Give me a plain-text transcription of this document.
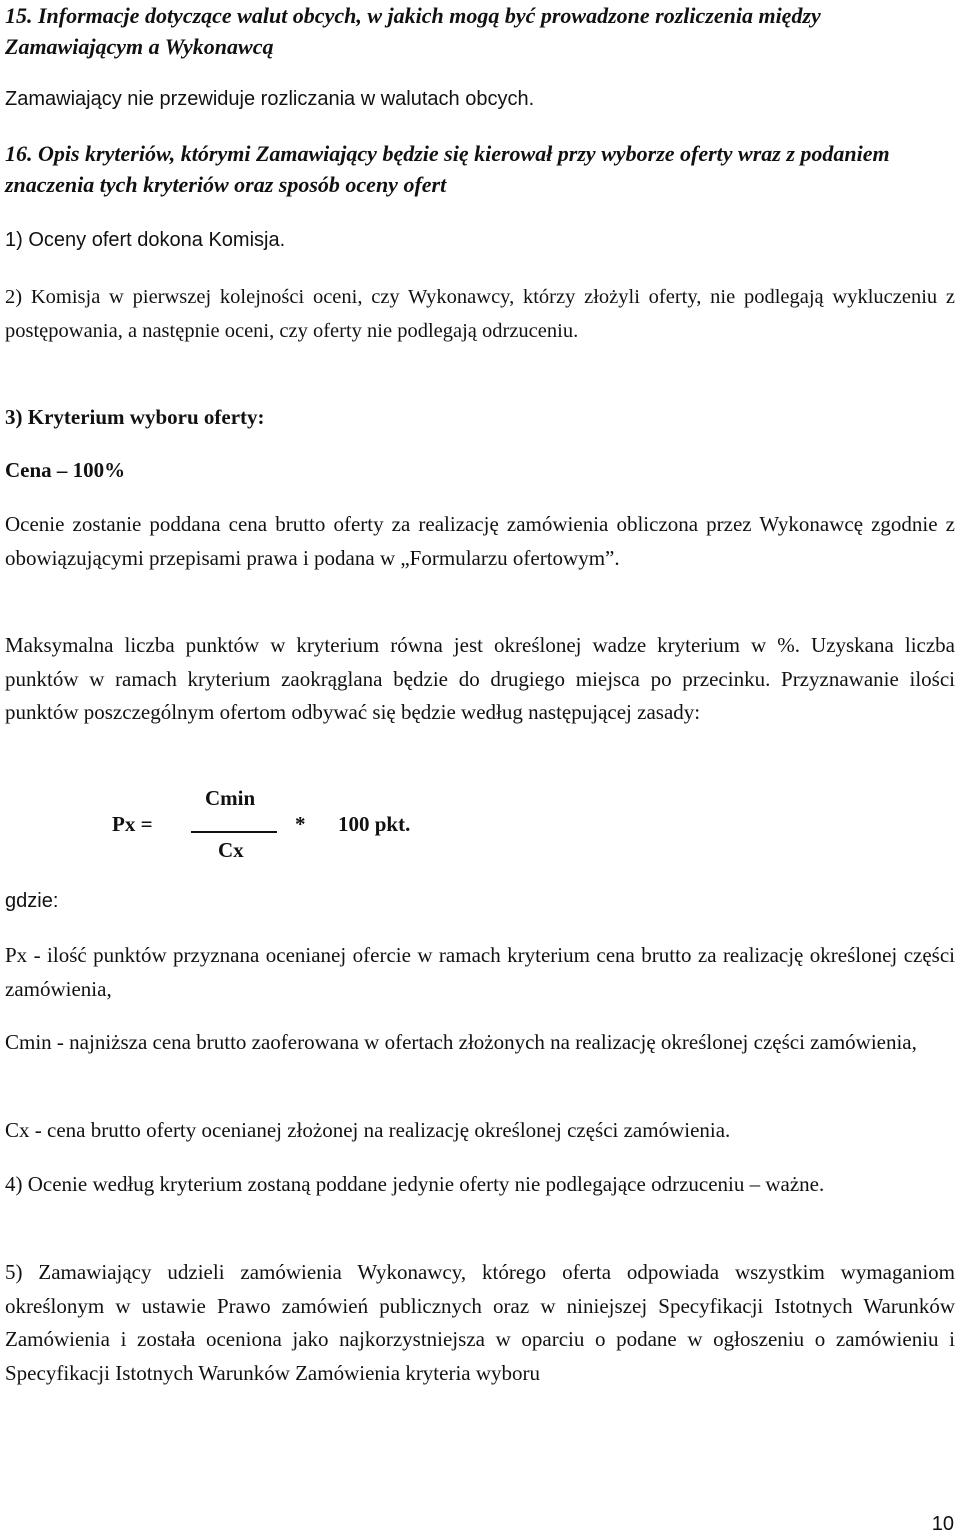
15. Informacje dotyczące walut obcych, w jakich mogą być prowadzone rozliczenia między Zamawiającym a Wykonawcą

Zamawiający nie przewiduje rozliczania w walutach obcych.

16. Opis kryteriów, którymi Zamawiający będzie się kierował przy wyborze oferty wraz z podaniem znaczenia tych kryteriów oraz sposób oceny ofert

1) Oceny ofert dokona Komisja.

2) Komisja w pierwszej kolejności oceni, czy Wykonawcy, którzy złożyli oferty, nie podlegają wykluczeniu z postępowania, a następnie oceni, czy oferty nie podlegają odrzuceniu.

3) Kryterium wyboru oferty:

Cena – 100%

Ocenie zostanie poddana cena brutto oferty za realizację zamówienia obliczona przez Wykonawcę zgodnie z obowiązującymi przepisami prawa i podana w „Formularzu ofertowym”.

Maksymalna liczba punktów w kryterium równa jest określonej wadze kryterium w %. Uzyskana liczba punktów w ramach kryterium zaokrąglana będzie do drugiego miejsca po przecinku. Przyznawanie ilości punktów poszczególnym ofertom odbywać się będzie według następującej zasady:

Px =
Cmin
Cx
* 100 pkt.

gdzie:

Px - ilość punktów przyznana ocenianej ofercie w ramach kryterium cena brutto za realizację określonej części zamówienia,

Cmin - najniższa cena brutto zaoferowana w ofertach złożonych na realizację określonej części zamówienia,

Cx - cena brutto oferty ocenianej złożonej na realizację określonej części zamówienia.

4) Ocenie według kryterium zostaną poddane jedynie oferty nie podlegające odrzuceniu – ważne.

5) Zamawiający udzieli zamówienia Wykonawcy, którego oferta odpowiada wszystkim wymaganiom określonym w ustawie Prawo zamówień publicznych oraz w niniejszej Specyfikacji Istotnych Warunków Zamówienia i została oceniona jako najkorzystniejsza w oparciu o podane w ogłoszeniu o zamówieniu i Specyfikacji Istotnych Warunków Zamówienia kryteria wyboru

10
